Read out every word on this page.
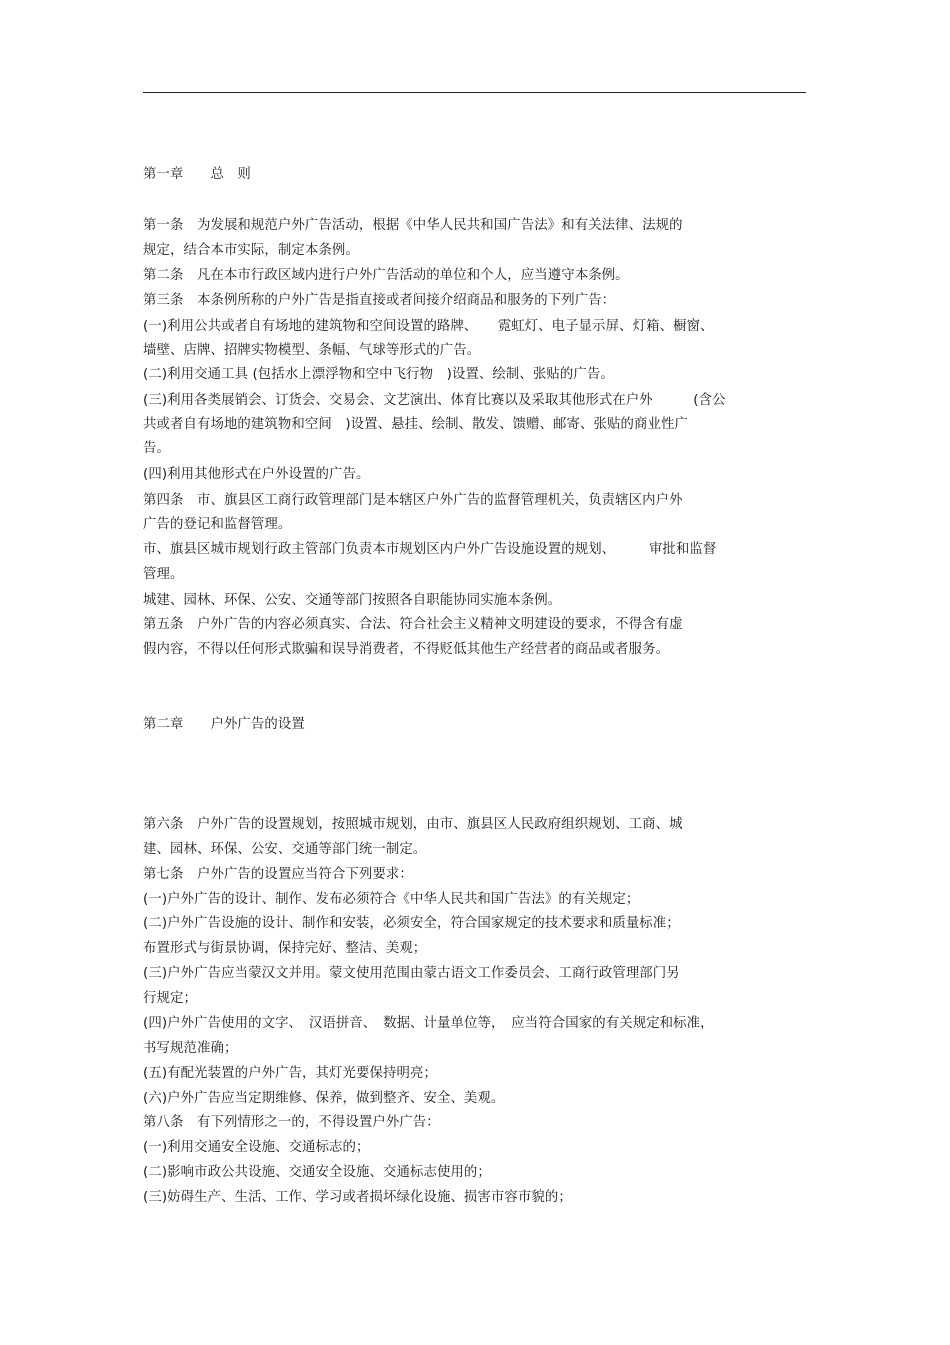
第一章　　总　则
第一条　为发展和规范户外广告活动，根据《中华人民共和国广告法》和有关法律、法规的
规定，结合本市实际，制定本条例。
第二条　凡在本市行政区域内进行户外广告活动的单位和个人，应当遵守本条例。
第三条　本条例所称的户外广告是指直接或者间接介绍商品和服务的下列广告：
(一)利用公共或者自有场地的建筑物和空间设置的路牌、　　霓虹灯、电子显示屏、灯箱、橱窗、
墙壁、店牌、招牌实物模型、条幅、气球等形式的广告。
(二)利用交通工具 (包括水上漂浮物和空中飞行物　)设置、绘制、张贴的广告。
(三)利用各类展销会、订货会、交易会、文艺演出、体育比赛以及采取其他形式在户外　　　(含公
共或者自有场地的建筑物和空间　)设置、悬挂、绘制、散发、馈赠、邮寄、张贴的商业性广
告。
(四)利用其他形式在户外设置的广告。
第四条　市、旗县区工商行政管理部门是本辖区户外广告的监督管理机关，负责辖区内户外
广告的登记和监督管理。
市、旗县区城市规划行政主管部门负责本市规划区内户外广告设施设置的规划、　　　审批和监督
管理。
城建、园林、环保、公安、交通等部门按照各自职能协同实施本条例。
第五条　户外广告的内容必须真实、合法、符合社会主义精神文明建设的要求，不得含有虚
假内容，不得以任何形式欺骗和误导消费者，不得贬低其他生产经营者的商品或者服务。
第二章　　户外广告的设置
第六条　户外广告的设置规划，按照城市规划，由市、旗县区人民政府组织规划、工商、城
建、园林、环保、公安、交通等部门统一制定。
第七条　户外广告的设置应当符合下列要求：
(一)户外广告的设计、制作、发布必须符合《中华人民共和国广告法》的有关规定；
(二)户外广告设施的设计、制作和安装，必须安全，符合国家规定的技术要求和质量标准；
布置形式与街景协调，保持完好、整洁、美观；
(三)户外广告应当蒙汉文并用。蒙文使用范围由蒙古语文工作委员会、工商行政管理部门另
行规定；
(四)户外广告使用的文字、　汉语拼音、　数据、计量单位等，　应当符合国家的有关规定和标准，
书写规范准确；
(五)有配光装置的户外广告，其灯光要保持明亮；
(六)户外广告应当定期维修、保养，做到整齐、安全、美观。
第八条　有下列情形之一的，不得设置户外广告：
(一)利用交通安全设施、交通标志的；
(二)影响市政公共设施、交通安全设施、交通标志使用的；
(三)妨碍生产、生活、工作、学习或者损坏绿化设施、损害市容市貌的；
